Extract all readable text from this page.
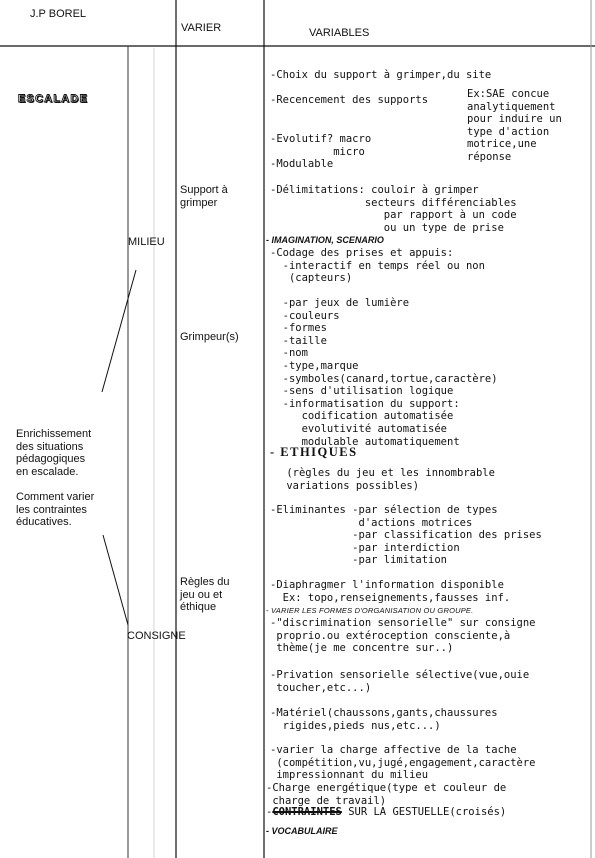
J.P BOREL
VARIER	VARIABLES
ESCALADE
MILIEU
Enrichissement
des situations
pédagogiques
en escalade.
Comment varier
les contraintes
éducatives.
CONSIGNE
Support à
grimper
Grimpeur(s)
Règles du
jeu ou et
éthique
-Choix du support à grimper,du site
-Recencement des supports	Ex:SAE concue
analytiquement
pour induire un
type d'action
motrice,une
réponse
-Evolutif? macro
micro
-Modulable
-Délimitations: couloir à grimper
secteurs différenciables
par rapport à un code
ou un type de prise
- IMAGINATION, SCENARIO
-Codage des prises et appuis:
-interactif en temps réel ou non
(capteurs)
-par jeux de lumière
-couleurs
-formes
-taille
-nom
-type,marque
-symboles(canard,tortue,caractère)
-sens d'utilisation logique
-informatisation du support:
codification automatisée
evolutivité automatisée
modulable automatiquement
- ETHIQUES
(règles du jeu et les innombrable
variations possibles)
-Eliminantes -par sélection de types
d'actions motrices
-par classification des prises
-par interdiction
-par limitation
-Diaphragmer l'information disponible
Ex: topo,renseignements,fausses inf.
- VARIER LES FORMES D'ORGANISATION OU GROUPE.
-"discrimination sensorielle" sur consigne
proprio.ou extéroception consciente,à
thème(je me concentre sur..)
-Privation sensorielle sélective(vue,ouie
toucher,etc...)
-Matériel(chaussons,gants,chaussures
rigides,pieds nus,etc...)
-varier la charge affective de la tache
(compétition,vu,jugé,engagement,caractère
impressionnant du milieu
-Charge energétique(type et couleur de
charge de travail)
-CONTRAINTES SUR LA GESTUELLE(croisés)
- VOCABULAIRE
